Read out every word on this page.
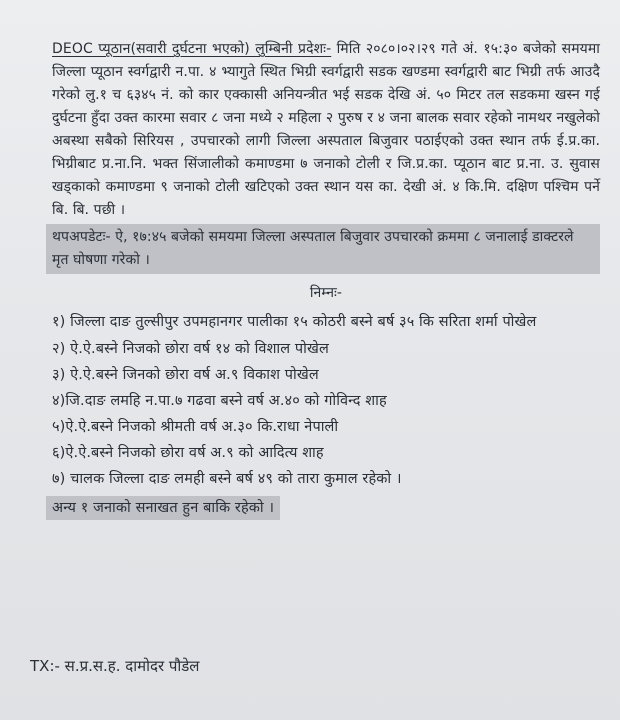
DEOC प्यूठान(सवारी दुर्घटना भएको) लुम्बिनी प्रदेशः- मिति २०८०।०२।२९ गते अं. १५:३० बजेको समयमा जिल्ला प्यूठान स्वर्गद्वारी न.पा. ४ भ्यागुते स्थित भिग्री स्वर्गद्वारी सडक खण्डमा स्वर्गद्वारी बाट भिग्री तर्फ आउदै गरेको लु.१ च ६३४५ नं. को कार एक्कासी अनियन्त्रीत भई सडक देखि अं. ५० मिटर तल सडकमा खस्न गई दुर्घटना हुँदा उक्त कारमा सवार ८ जना मध्ये २ महिला २ पुरुष र ४ जना बालक सवार रहेको नामथर नखुलेको अबस्था सबैको सिरियस , उपचारको लागी जिल्ला अस्पताल बिजुवार पठाईएको उक्त स्थान तर्फ ई.प्र.का. भिग्रीबाट प्र.ना.नि. भक्त सिंजालीको कमाण्डमा ७ जनाको टोली र जि.प्र.का. प्यूठान बाट प्र.ना. उ. सुवास खड्काको कमाण्डमा ९ जनाको टोली खटिएको उक्त स्थान यस का. देखी अं. ४ कि.मि. दक्षिण पश्चिम पर्ने बि. बि. पछी ।
थपअपडेटः- ऐ, १७:४५ बजेको समयमा जिल्ला अस्पताल बिजुवार उपचारको क्रममा ८ जनालाई डाक्टरले मृत घोषणा गरेको ।
निम्नः-
१) जिल्ला दाङ तुल्सीपुर उपमहानगर पालीका १५ कोठरी बस्ने बर्ष ३५ कि सरिता शर्मा पोखेल
२) ऐ.ऐ.बस्ने निजको छोरा वर्ष १४ को विशाल पोखेल
३) ऐ.ऐ.बस्ने जिनको छोरा वर्ष अ.९ विकाश पोखेल
४)जि.दाङ लमहि न.पा.७ गढवा बस्ने वर्ष अ.४० को गोविन्द शाह
५)ऐ.ऐ.बस्ने निजको श्रीमती वर्ष अ.३० कि.राधा नेपाली
६)ऐ.ऐ.बस्ने निजको छोरा वर्ष अ.९ को आदित्य शाह
७) चालक जिल्ला दाङ लमही बस्ने बर्ष ४९ को तारा कुमाल रहेको ।
अन्य १ जनाको सनाखत हुन बाकि रहेको ।
TX:- स.प्र.स.ह. दामोदर पौडेल
